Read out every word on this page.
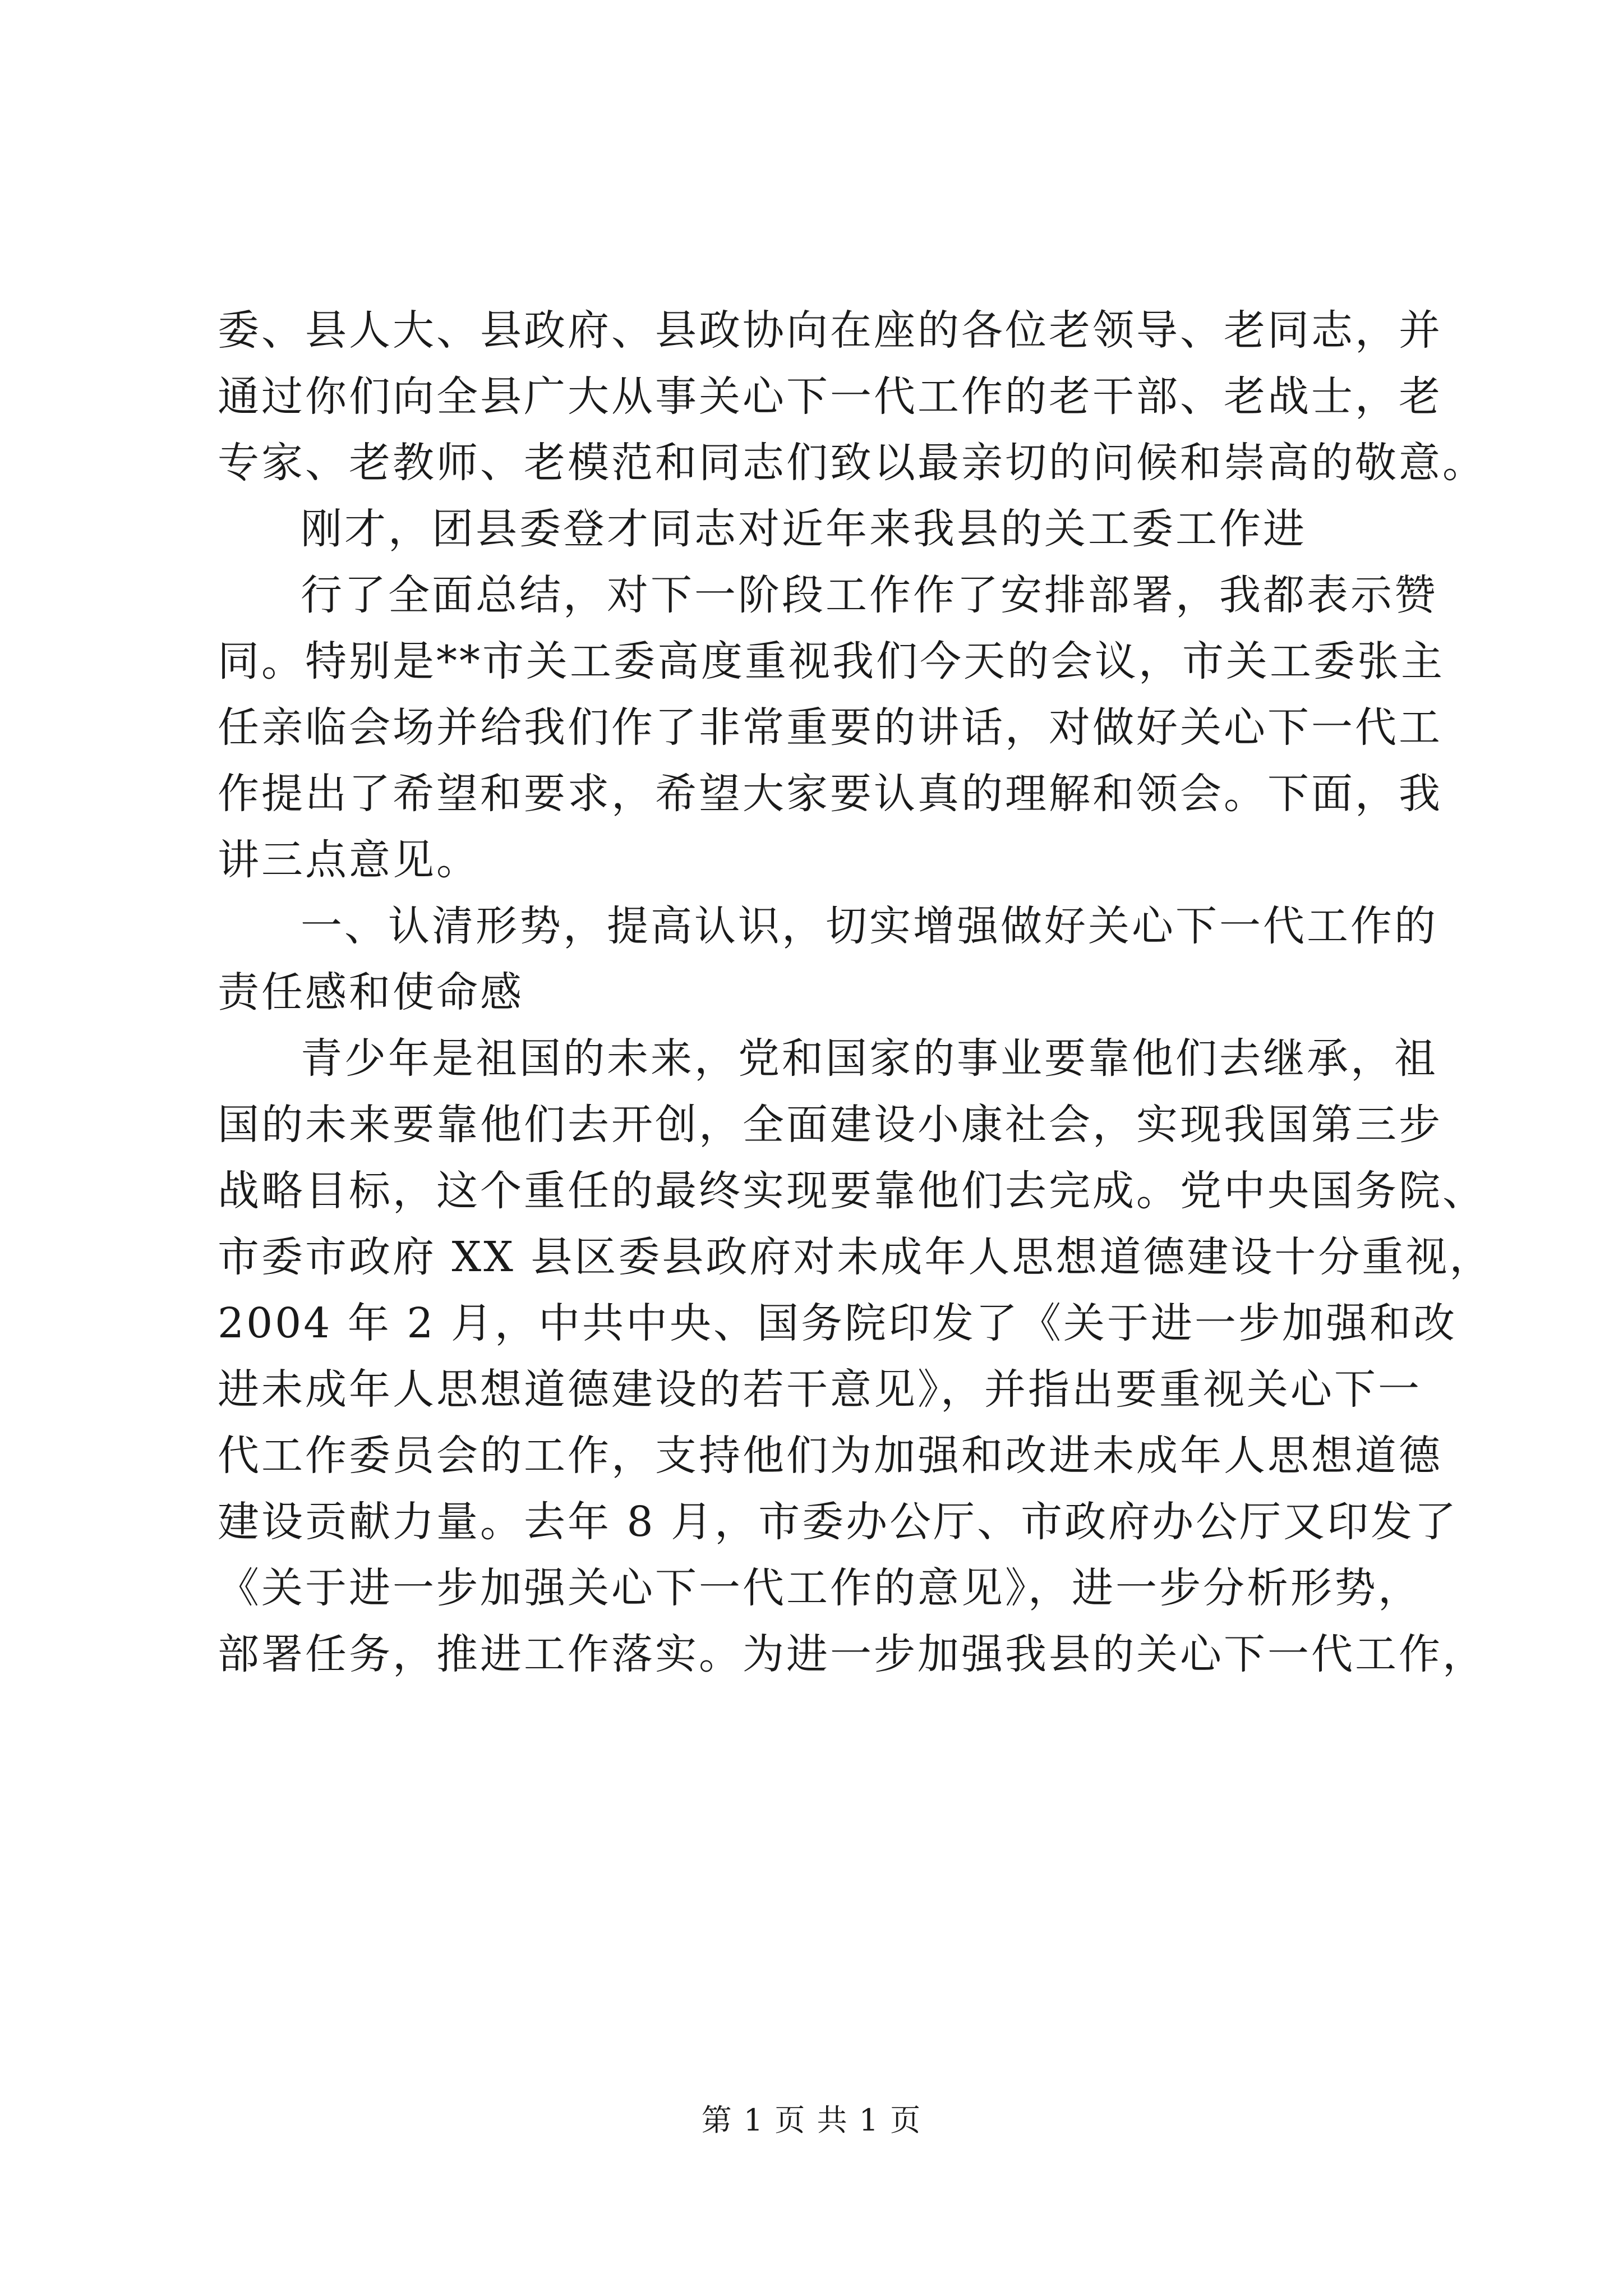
委、县人大、县政府、县政协向在座的各位老领导、老同志，并
通过你们向全县广大从事关心下一代工作的老干部、老战士，老
专家、老教师、老模范和同志们致以最亲切的问候和崇高的敬意。
刚才，团县委登才同志对近年来我县的关工委工作进
行了全面总结，对下一阶段工作作了安排部署，我都表示赞
同。特别是**市关工委高度重视我们今天的会议，市关工委张主
任亲临会场并给我们作了非常重要的讲话，对做好关心下一代工
作提出了希望和要求，希望大家要认真的理解和领会。下面，我
讲三点意见。
一、认清形势，提高认识，切实增强做好关心下一代工作的
责任感和使命感
青少年是祖国的未来，党和国家的事业要靠他们去继承，祖
国的未来要靠他们去开创，全面建设小康社会，实现我国第三步
战略目标，这个重任的最终实现要靠他们去完成。党中央国务院、
市委市政府 XX 县区委县政府对未成年人思想道德建设十分重视，
2004 年 2 月，中共中央、国务院印发了《关于进一步加强和改
进未成年人思想道德建设的若干意见》，并指出要重视关心下一
代工作委员会的工作，支持他们为加强和改进未成年人思想道德
建设贡献力量。去年 8 月，市委办公厅、市政府办公厅又印发了
《关于进一步加强关心下一代工作的意见》，进一步分析形势，
部署任务，推进工作落实。为进一步加强我县的关心下一代工作，
第 1 页 共 1 页
